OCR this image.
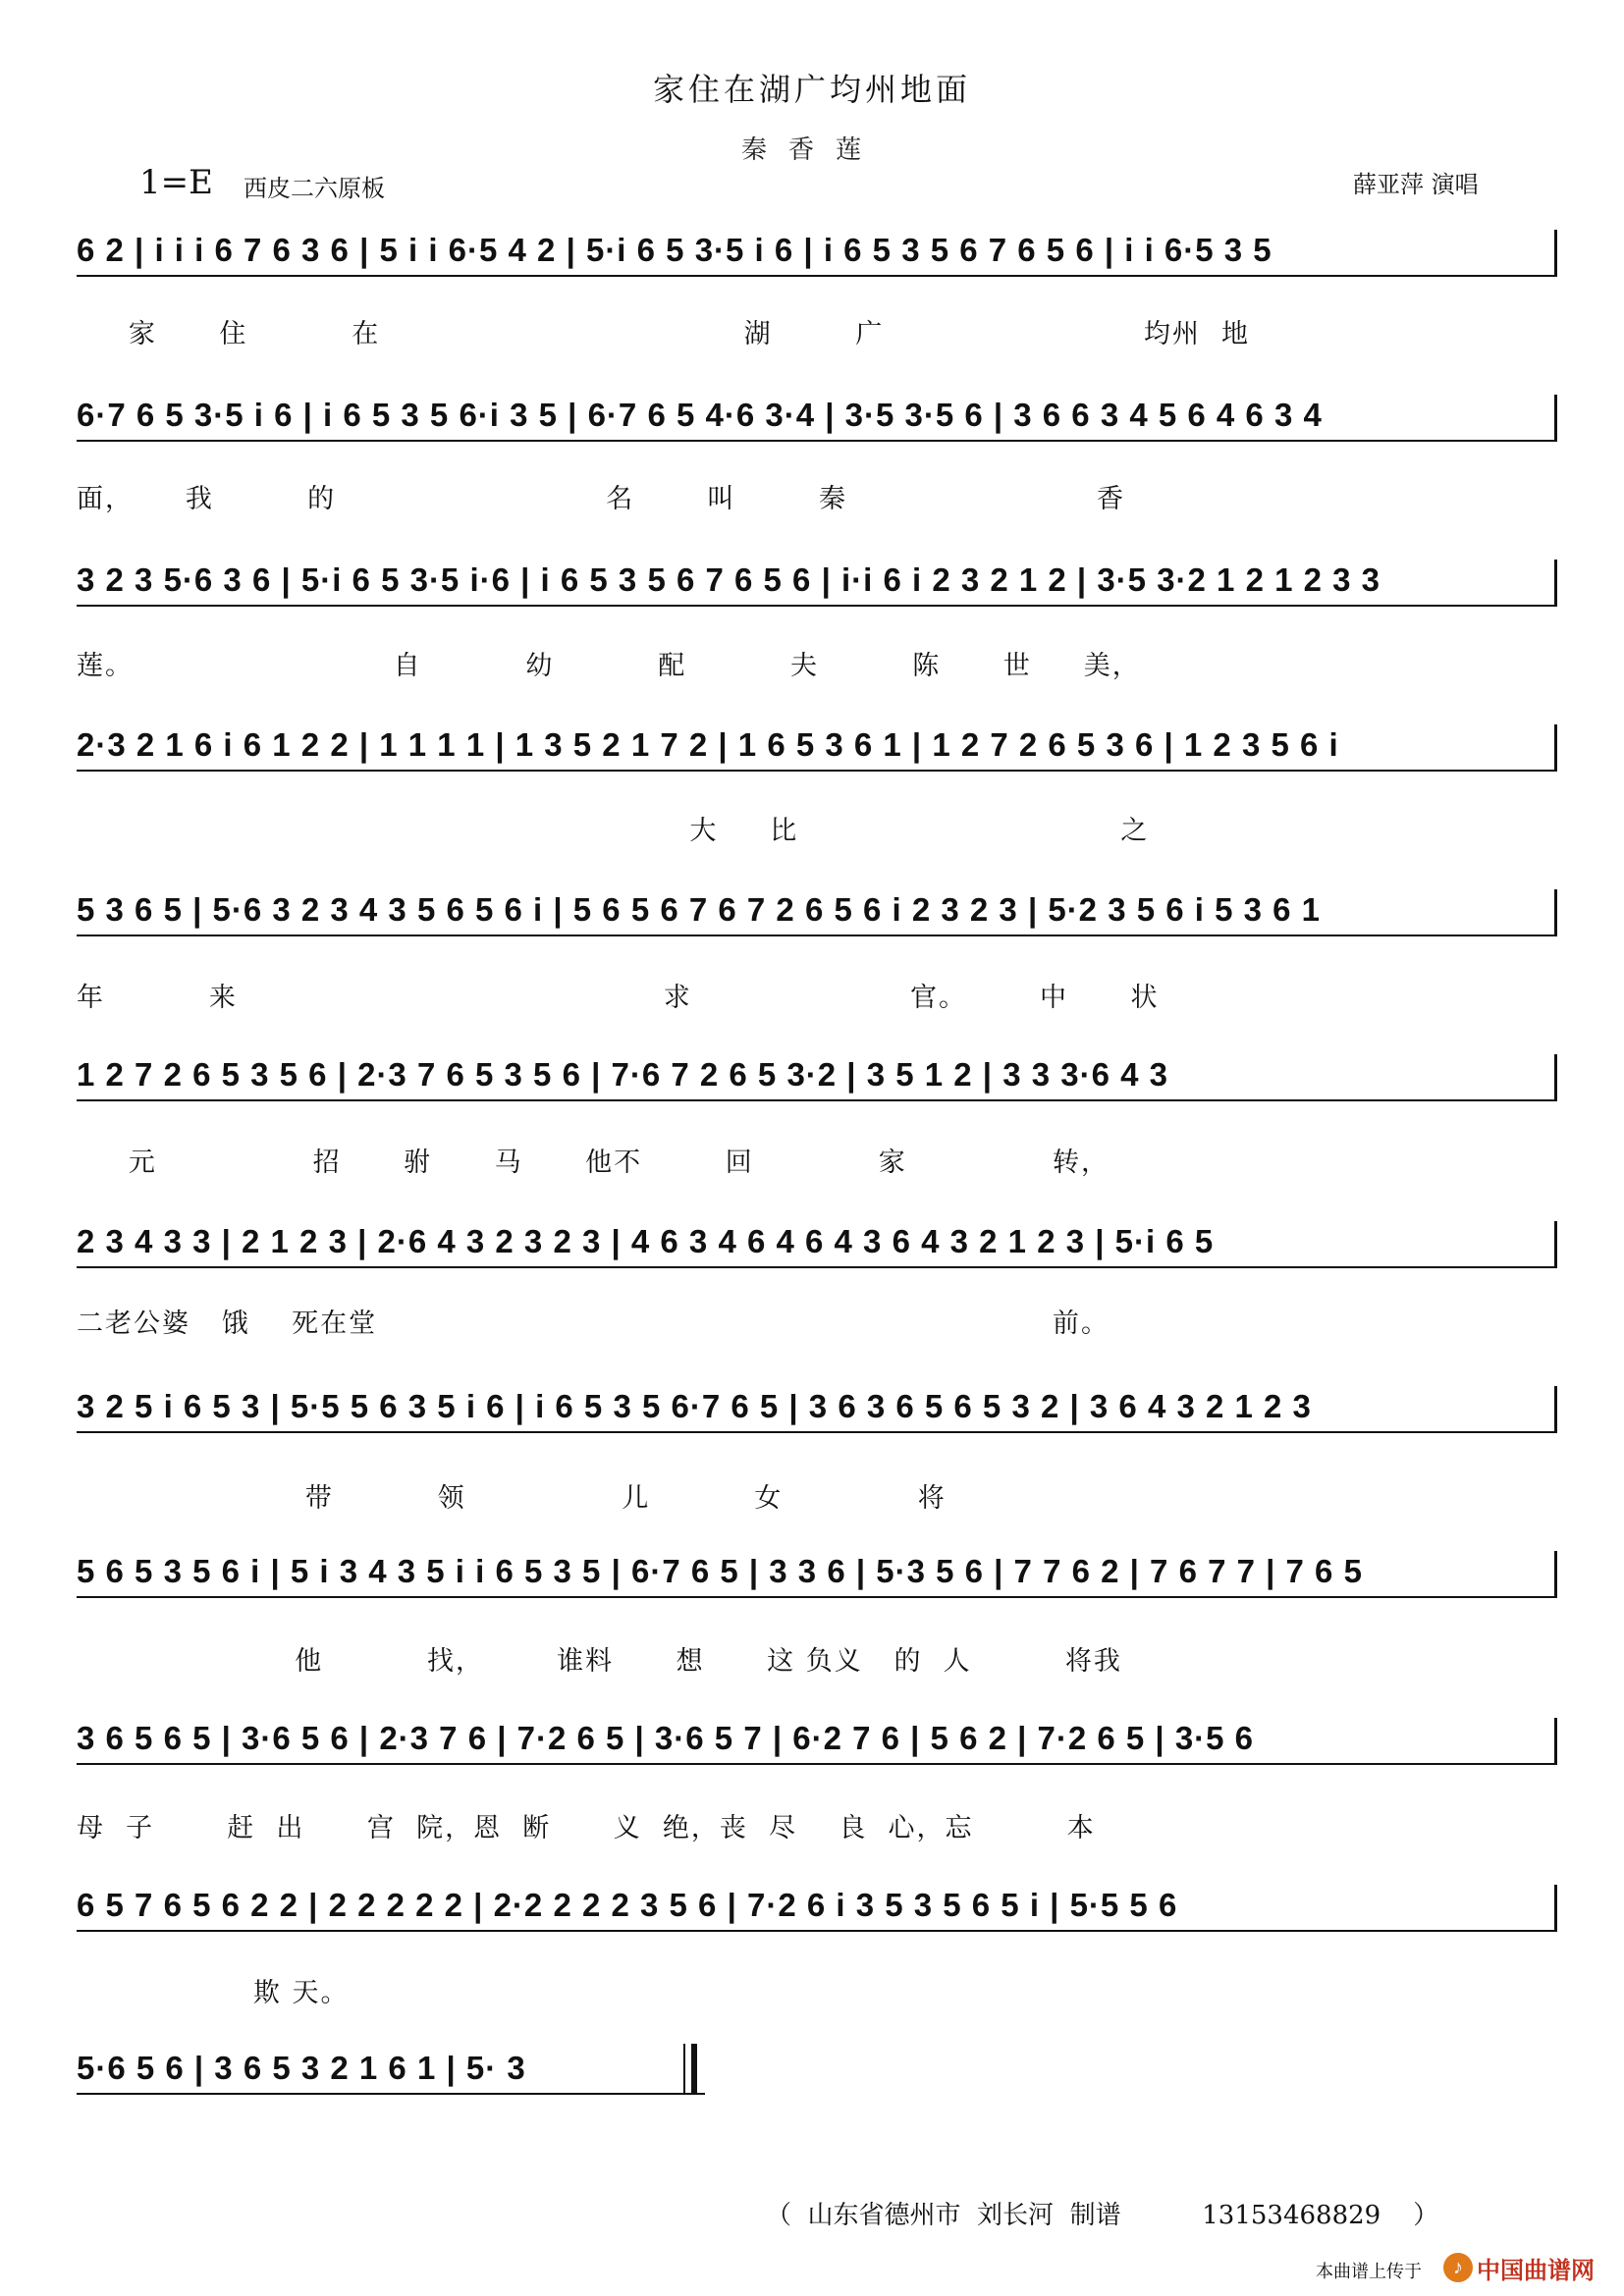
家住在湖广均州地面
秦香莲
1=E 西皮二六原板	薛亚萍 演唱
6 2 | i i i 6 7 6 3 6 | 5 i i 6·5 4 2 | 5·i 6 5 3·5 i 6 | i 6 5 3 5 6 7 6 5 6 | i i 6·5 3 5
家      住          在                                   湖        广                         均州  地
6·7 6 5 3·5 i 6 | i 6 5 3 5 6·i 3 5 | 6·7 6 5 4·6 3·4 | 3·5 3·5 6 | 3 6 6 3 4 5 6 4 6 3 4
面，     我         的                          名       叫        秦                        香
3 2 3 5·6 3 6 | 5·i 6 5 3·5 i·6 | i 6 5 3 5 6 7 6 5 6 | i·i 6 i 2 3 2 1 2 | 3·5 3·2 1 2 1 2 3 3
莲。                         自          幼          配          夫         陈      世     美，
2·3 2 1 6 i 6 1 2 2 | 1 1 1 1 | 1 3 5 2 1 7 2 | 1 6 5 3 6 1 | 1 2 7 2 6 5 3 6 | 1 2 3 5 6 i
大     比                               之
5 3 6 5 | 5·6 3 2 3 4 3 5 6 5 6 i | 5 6 5 6 7 6 7 2 6 5 6 i 2 3 2 3 | 5·2 3 5 6 i 5 3 6 1
年          来                                         求                     官。       中      状
1 2 7 2 6 5 3 5 6 | 2·3 7 6 5 3 5 6 | 7·6 7 2 6 5 3·2 | 3 5 1 2 | 3 3 3·6 4 3
元               招      驸      马      他不        回            家              转，
2 3 4 3 3 | 2 1 2 3 | 2·6 4 3 2 3 2 3 | 4 6 3 4 6 4 6 4 3 6 4 3 2 1 2 3 | 5·i 6 5
二老公婆   饿    死在堂                                                                 前。
3 2 5 i 6 5 3 | 5·5 5 6 3 5 i 6 | i 6 5 3 5 6·7 6 5 | 3 6 3 6 5 6 5 3 2 | 3 6 4 3 2 1 2 3
带          领               儿          女             将
5 6 5 3 5 6 i | 5 i 3 4 3 5 i i 6 5 3 5 | 6·7 6 5 | 3 3 6 | 5·3 5 6 | 7 7 6 2 | 7 6 7 7 | 7 6 5
他          找，       谁料      想      这 负义   的  人         将我
3 6 5 6 5 | 3·6 5 6 | 2·3 7 6 | 7·2 6 5 | 3·6 5 7 | 6·2 7 6 | 5 6 2 | 7·2 6 5 | 3·5 6
母  子       赶  出      宫  院，恩  断      义  绝，丧  尽    良  心，忘         本
6 5 7 6 5 6 2 2 | 2 2 2 2 2 | 2·2 2 2 2 3 5 6 | 7·2 6 i 3 5 3 5 6 5 i | 5·5 5 6
欺 天。
5·6 5 6 | 3 6 5 3 2 1 6 1 | 5· 3
（  山东省德州市  刘长河  制谱          13153468829    ）
本曲谱上传于	♪ 中国曲谱网
